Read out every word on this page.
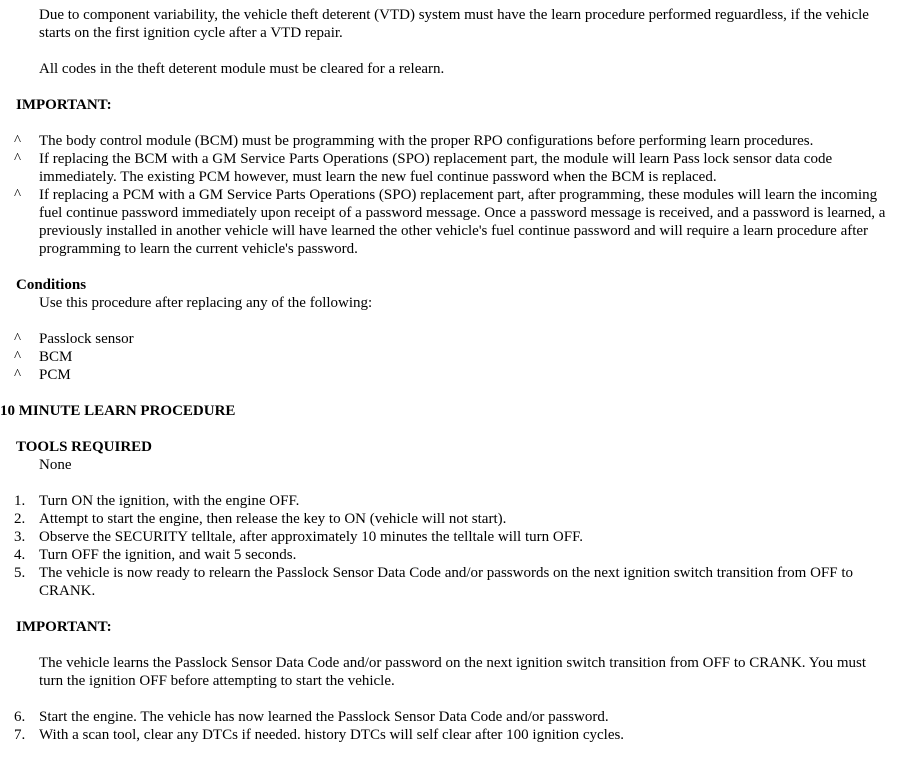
Due to component variability, the vehicle theft deterent (VTD) system must have the learn procedure performed reguardless, if the vehicle starts on the first ignition cycle after a VTD repair.
All codes in the theft deterent module must be cleared for a relearn.
IMPORTANT:
^	The body control module (BCM) must be programming with the proper RPO configurations before performing learn procedures.
^	If replacing the BCM with a GM Service Parts Operations (SPO) replacement part, the module will learn Pass lock sensor data code immediately. The existing PCM however, must learn the new fuel continue password when the BCM is replaced.
^	If replacing a PCM with a GM Service Parts Operations (SPO) replacement part, after programming, these modules will learn the incoming fuel continue password immediately upon receipt of a password message. Once a password message is received, and a password is learned, a previously installed in another vehicle will have learned the other vehicle's fuel continue password and will require a learn procedure after programming to learn the current vehicle's password.
Conditions
Use this procedure after replacing any of the following:
^	Passlock sensor
^	BCM
^	PCM
10 MINUTE LEARN PROCEDURE
TOOLS REQUIRED
None
1. Turn ON the ignition, with the engine OFF.
2. Attempt to start the engine, then release the key to ON (vehicle will not start).
3. Observe the SECURITY telltale, after approximately 10 minutes the telltale will turn OFF.
4. Turn OFF the ignition, and wait 5 seconds.
5. The vehicle is now ready to relearn the Passlock Sensor Data Code and/or passwords on the next ignition switch transition from OFF to CRANK.
IMPORTANT:
The vehicle learns the Passlock Sensor Data Code and/or password on the next ignition switch transition from OFF to CRANK. You must turn the ignition OFF before attempting to start the vehicle.
6. Start the engine. The vehicle has now learned the Passlock Sensor Data Code and/or password.
7. With a scan tool, clear any DTCs if needed. history DTCs will self clear after 100 ignition cycles.
